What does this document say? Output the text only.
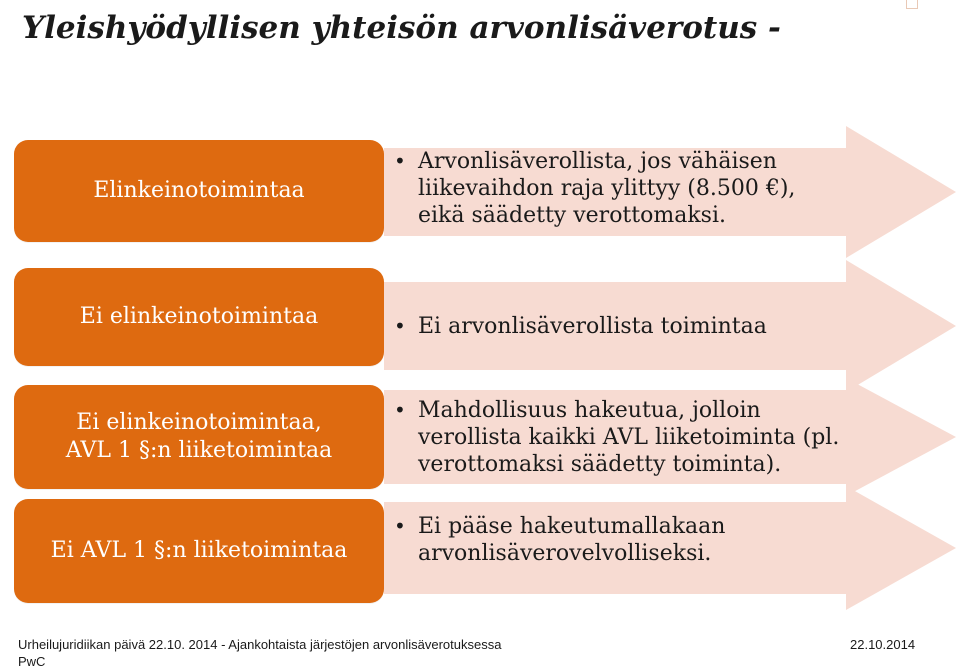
Yleishyödyllisen yhteisön arvonlisäverotus -
Elinkeinotoimintaa
• Arvonlisäverollista, jos vähäisen
liikevaihdon raja ylittyy (8.500 €),
eikä säädetty verottomaksi.
Ei elinkeinotoimintaa
•	Ei arvonlisäverollista toimintaa
Ei elinkeinotoimintaa,
AVL 1 §:n liiketoimintaa
• Mahdollisuus hakeutua, jolloin
verollista kaikki AVL liiketoiminta (pl.
verottomaksi säädetty toiminta).
Ei AVL 1 §:n liiketoimintaa
• Ei pääse hakeutumallakaan
arvonlisäverovelvolliseksi.
Urheilujuridiikan päivä 22.10. 2014 - Ajankohtaista järjestöjen arvonlisäverotuksessa
PwC
22.10.2014
